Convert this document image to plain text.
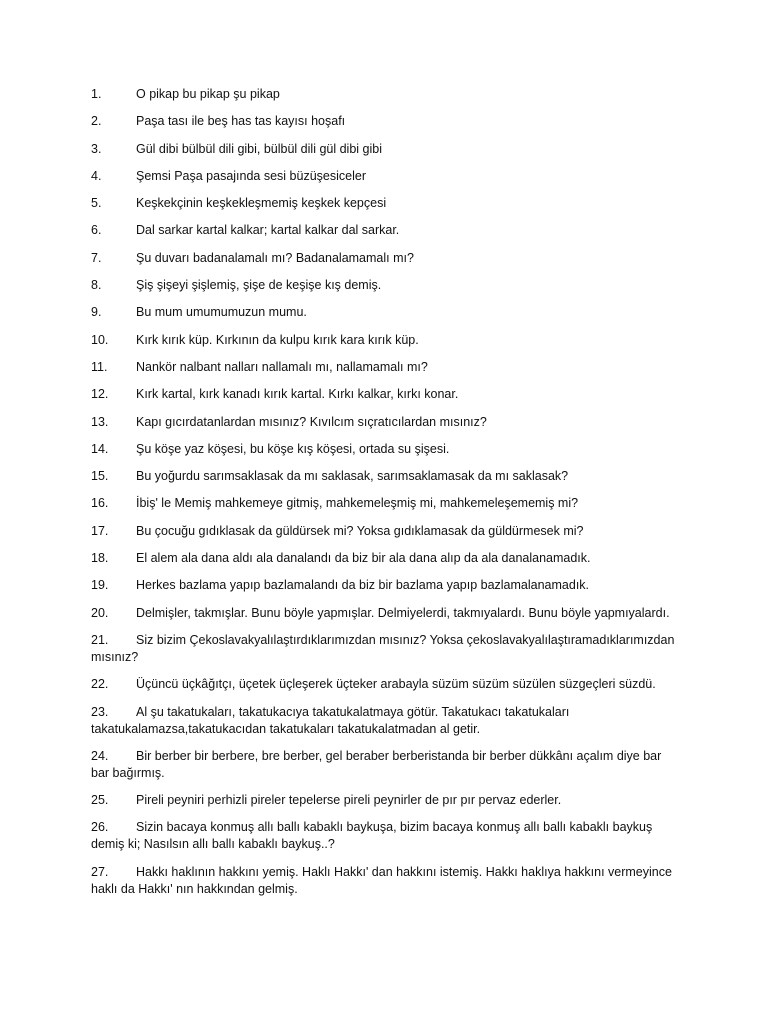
1.	O pikap bu pikap şu pikap
2.	Paşa tası ile beş has tas kayısı hoşafı
3.	Gül dibi bülbül dili gibi, bülbül dili gül dibi gibi
4.	Şemsi Paşa pasajında sesi büzüşesiceler
5.	Keşkekçinin keşkekleşmemiş keşkek kepçesi
6.	Dal sarkar kartal kalkar; kartal kalkar dal sarkar.
7.	Şu duvarı badanalamalı mı? Badanalamamalı mı?
8.	Şiş şişeyi şişlemiş, şişe de keşişe kış demiş.
9.	Bu mum umumumuzun mumu.
10. Kırk kırık küp. Kırkının da kulpu kırık kara kırık küp.
11. Nankör nalbant nalları nallamalı mı, nallamamalı mı?
12. Kırk kartal, kırk kanadı kırık kartal. Kırkı kalkar, kırkı konar.
13. Kapı gıcırdatanlardan mısınız? Kıvılcım sıçratıcılardan mısınız?
14. Şu köşe yaz köşesi, bu köşe kış köşesi, ortada su şişesi.
15. Bu yoğurdu sarımsaklasak da mı saklasak, sarımsaklamasak da mı saklasak?
16. İbiş' le Memiş mahkemeye gitmiş, mahkemeleşmiş mi, mahkemeleşememiş mi?
17. Bu çocuğu gıdıklasak da güldürsek mi? Yoksa gıdıklamasak da güldürmesek mi?
18. El alem ala dana aldı ala danalandı da biz bir ala dana alıp da ala danalanamadık.
19. Herkes bazlama yapıp bazlamalandı da biz bir bazlama yapıp bazlamalanamadık.
20. Delmişler, takmışlar. Bunu böyle yapmışlar. Delmiyelerdi, takmıyalardı. Bunu böyle yapmıyalardı.
21. Siz bizim Çekoslavakyalılaştırdıklarımızdan mısınız? Yoksa çekoslavakyalılaştıramadıklarımızdan mısınız?
22. Üçüncü üçkâğıtçı, üçetek üçleşerek üçteker arabayla süzüm süzüm süzülen süzgeçleri süzdü.
23. Al şu takatukaları, takatukacıya takatukalatmaya götür. Takatukacı takatukaları takatukalamazsa,takatukacıdan takatukaları takatukalatmadan al getir.
24. Bir berber bir berbere, bre berber, gel beraber berberistanda bir berber dükkânı açalım diye bar bar bağırmış.
25. Pireli peyniri perhizli pireler tepelerse pireli peynirler de pır pır pervaz ederler.
26. Sizin bacaya konmuş allı ballı kabaklı baykuşa, bizim bacaya konmuş allı ballı kabaklı baykuş demiş ki; Nasılsın allı ballı kabaklı baykuş..?
27. Hakkı haklının hakkını yemiş. Haklı Hakkı' dan hakkını istemiş. Hakkı haklıya hakkını vermeyince haklı da Hakkı' nın hakkından gelmiş.
